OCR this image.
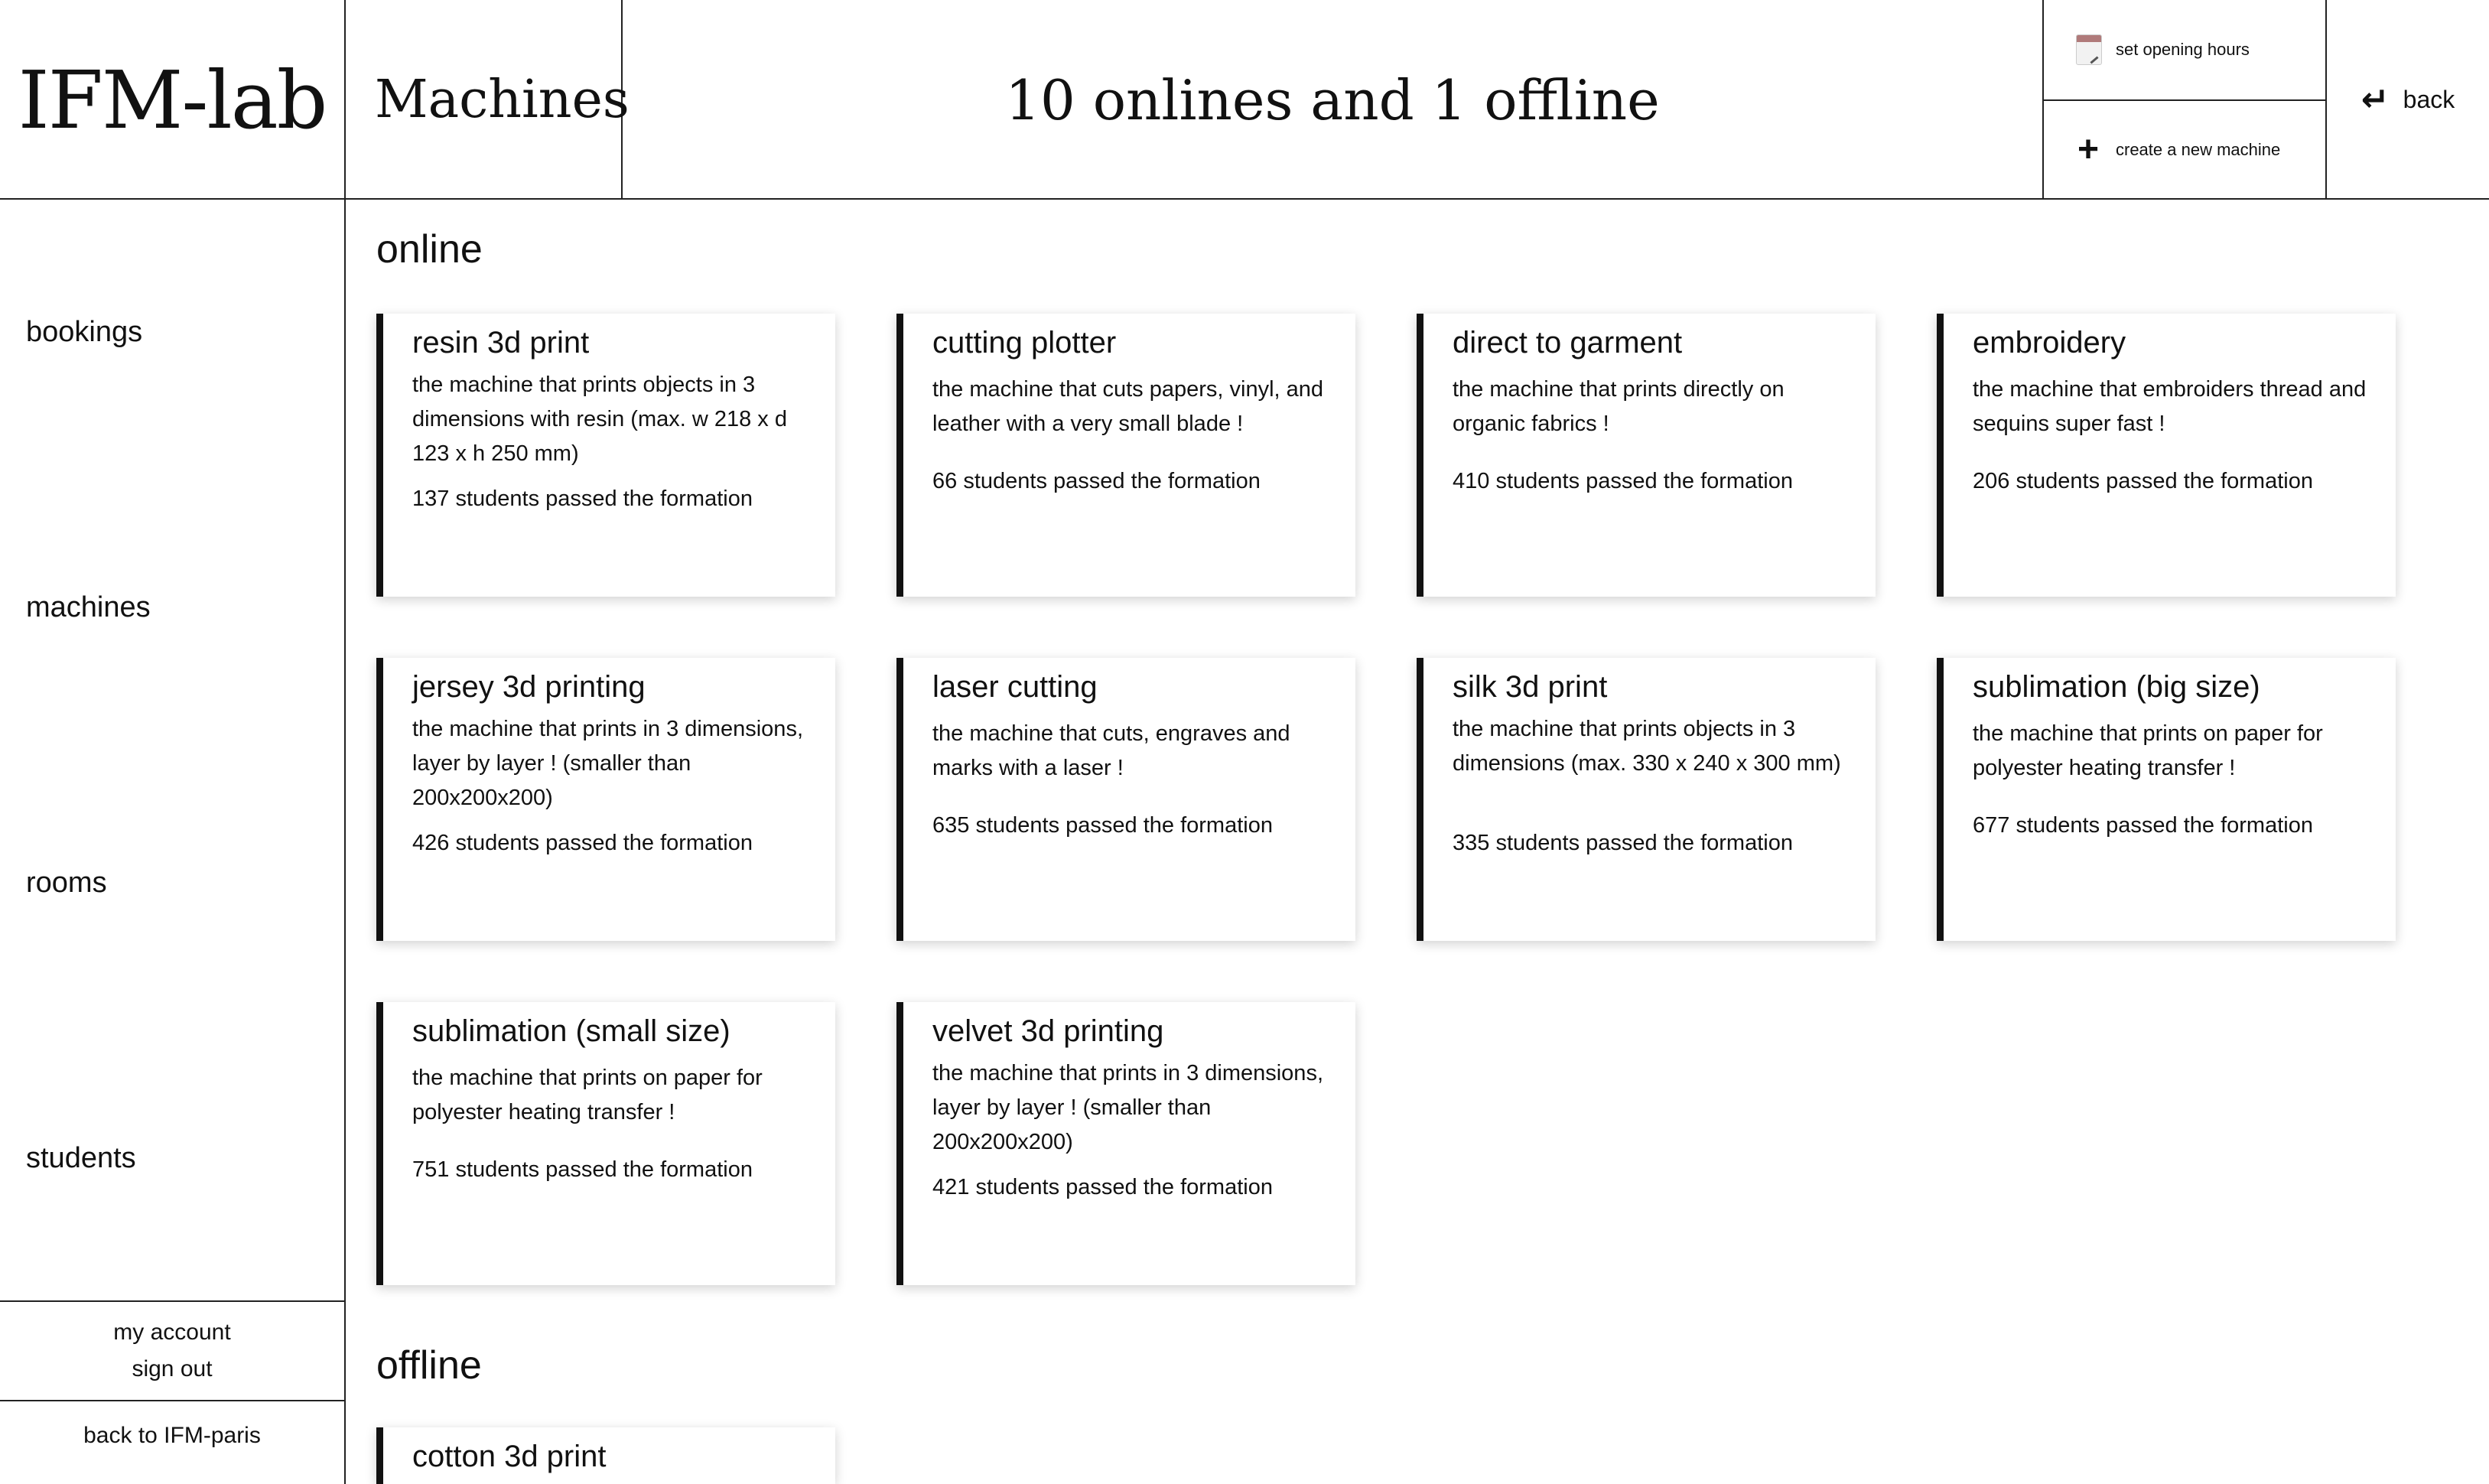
IFM-lab Machines	10 onlines and 1 offline
set opening hours
+ create a new machine
↵ back
bookings
machines
rooms
students
my account
sign out
back to IFM-paris
online
resin 3d print
the machine that prints objects in 3 dimensions with resin (max. w 218 x d 123 x h 250 mm)
137 students passed the formation
cutting plotter
the machine that cuts papers, vinyl, and leather with a very small blade !
66 students passed the formation
direct to garment
the machine that prints directly on organic fabrics !
410 students passed the formation
embroidery
the machine that embroiders thread and sequins super fast !
206 students passed the formation
jersey 3d printing
the machine that prints in 3 dimensions, layer by layer ! (smaller than 200x200x200)
426 students passed the formation
laser cutting
the machine that cuts, engraves and marks with a laser !
635 students passed the formation
silk 3d print
the machine that prints objects in 3 dimensions (max. 330 x 240 x 300 mm)
335 students passed the formation
sublimation (big size)
the machine that prints on paper for polyester heating transfer !
677 students passed the formation
sublimation (small size)
the machine that prints on paper for polyester heating transfer !
751 students passed the formation
velvet 3d printing
the machine that prints in 3 dimensions, layer by layer ! (smaller than 200x200x200)
421 students passed the formation
offline
cotton 3d print
